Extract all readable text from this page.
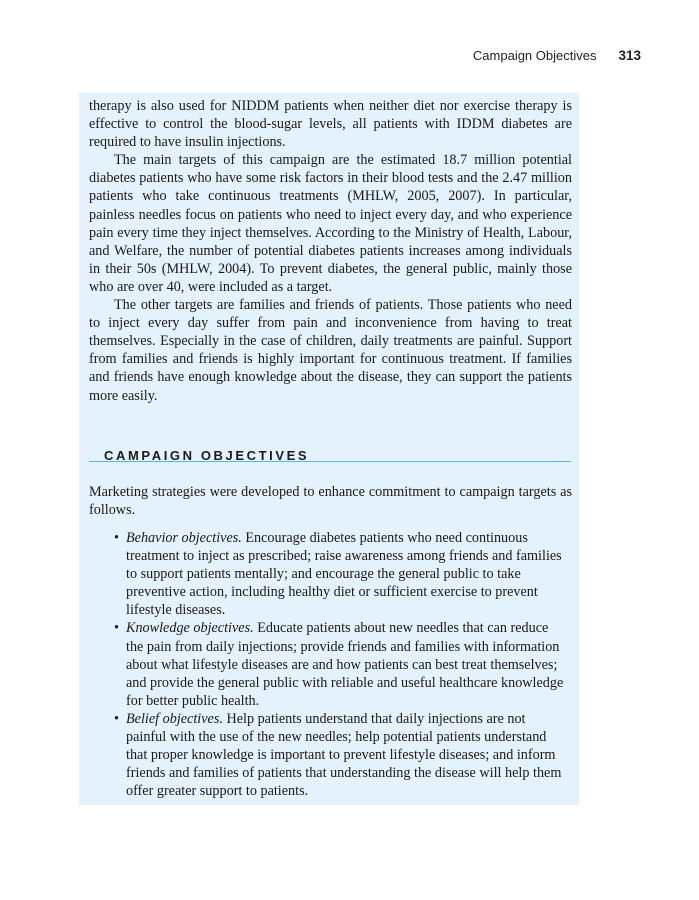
Campaign Objectives 313

therapy is also used for NIDDM patients when neither diet nor exercise therapy is effective to control the blood-sugar levels, all patients with IDDM diabetes are required to have insulin injections.

The main targets of this campaign are the estimated 18.7 million potential diabetes patients who have some risk factors in their blood tests and the 2.47 million patients who take continuous treatments (MHLW, 2005, 2007). In particular, painless needles focus on patients who need to inject every day, and who experience pain every time they inject themselves. According to the Ministry of Health, Labour, and Welfare, the number of potential diabetes patients increases among individuals in their 50s (MHLW, 2004). To prevent diabetes, the general public, mainly those who are over 40, were included as a target.

The other targets are families and friends of patients. Those patients who need to inject every day suffer from pain and inconvenience from having to treat themselves. Especially in the case of children, daily treatments are painful. Support from families and friends is highly important for continuous treatment. If families and friends have enough knowledge about the disease, they can support the patients more easily.

CAMPAIGN OBJECTIVES

Marketing strategies were developed to enhance commitment to campaign targets as follows.

• Behavior objectives. Encourage diabetes patients who need continuous treatment to inject as prescribed; raise awareness among friends and families to support patients mentally; and encourage the general public to take preventive action, including healthy diet or sufficient exercise to prevent lifestyle diseases.
• Knowledge objectives. Educate patients about new needles that can reduce the pain from daily injections; provide friends and families with information about what lifestyle diseases are and how patients can best treat themselves; and provide the general public with reliable and useful healthcare knowledge for better public health.
• Belief objectives. Help patients understand that daily injections are not painful with the use of the new needles; help potential patients understand that proper knowledge is important to prevent lifestyle diseases; and inform friends and families of patients that understanding the disease will help them offer greater support to patients.
